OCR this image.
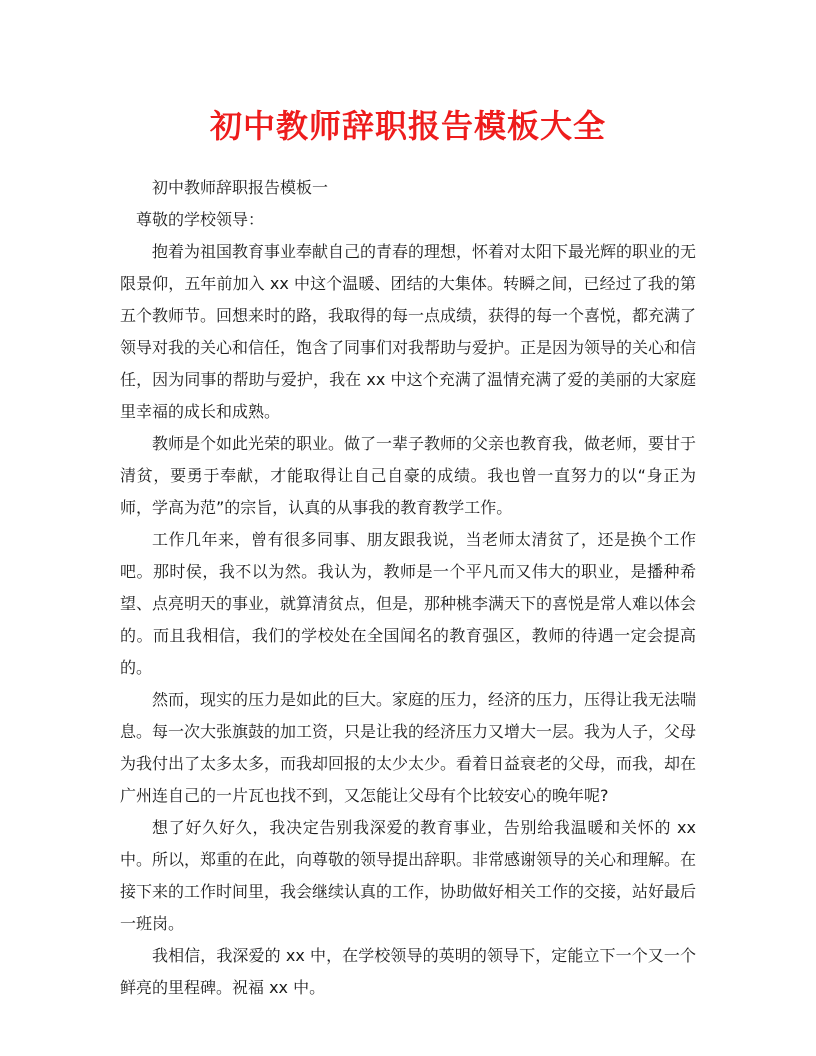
初中教师辞职报告模板大全

初中教师辞职报告模板一

尊敬的学校领导：

抱着为祖国教育事业奉献自己的青春的理想，怀着对太阳下最光辉的职业的无限景仰，五年前加入 xx 中这个温暖、团结的大集体。转瞬之间，已经过了我的第五个教师节。回想来时的路，我取得的每一点成绩，获得的每一个喜悦，都充满了领导对我的关心和信任，饱含了同事们对我帮助与爱护。正是因为领导的关心和信任，因为同事的帮助与爱护，我在 xx 中这个充满了温情充满了爱的美丽的大家庭里幸福的成长和成熟。

教师是个如此光荣的职业。做了一辈子教师的父亲也教育我，做老师，要甘于清贫，要勇于奉献，才能取得让自己自豪的成绩。我也曾一直努力的以“身正为师，学高为范”的宗旨，认真的从事我的教育教学工作。

工作几年来，曾有很多同事、朋友跟我说，当老师太清贫了，还是换个工作吧。那时侯，我不以为然。我认为，教师是一个平凡而又伟大的职业，是播种希望、点亮明天的事业，就算清贫点，但是，那种桃李满天下的喜悦是常人难以体会的。而且我相信，我们的学校处在全国闻名的教育强区，教师的待遇一定会提高的。

然而，现实的压力是如此的巨大。家庭的压力，经济的压力，压得让我无法喘息。每一次大张旗鼓的加工资，只是让我的经济压力又增大一层。我为人子，父母为我付出了太多太多，而我却回报的太少太少。看着日益衰老的父母，而我，却在广州连自己的一片瓦也找不到，又怎能让父母有个比较安心的晚年呢?

想了好久好久，我决定告别我深爱的教育事业，告别给我温暖和关怀的 xx 中。所以，郑重的在此，向尊敬的领导提出辞职。非常感谢领导的关心和理解。在接下来的工作时间里，我会继续认真的工作，协助做好相关工作的交接，站好最后一班岗。

我相信，我深爱的 xx 中，在学校领导的英明的领导下，定能立下一个又一个鲜亮的里程碑。祝福 xx 中。
